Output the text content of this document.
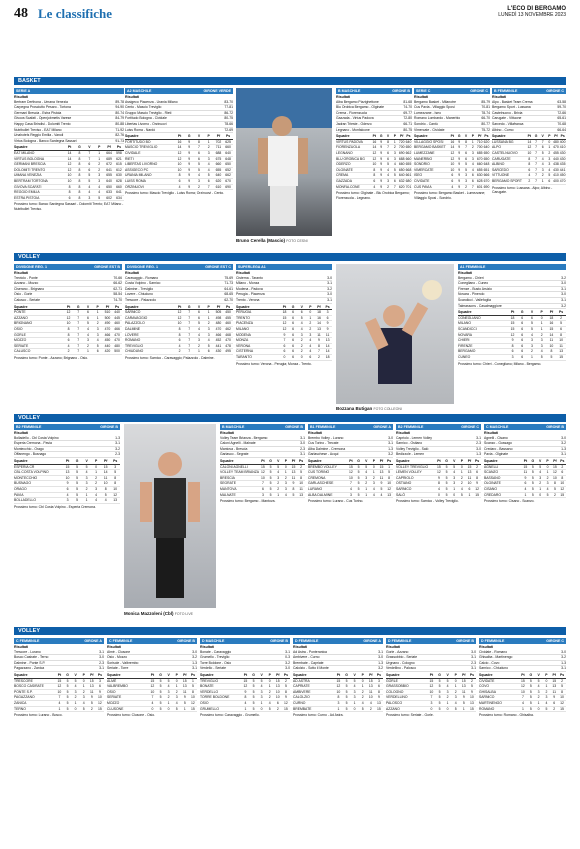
48 Le classifiche	L'ECO DI BERGAMO
LUNEDÌ 13 NOVEMBRE 2023
BASKET
VOLLEY
VOLLEY
VOLLEY
Bruno Cerella (Mascio) FOTO CESNI
Bozzana Butigan FOTO COLLEONI
Monica Mazzoleni (Cbl) FOTO LIVE
SERIE A
Risultati
Bertram Derthona - Umana Venezia	89-78
Carpegna Prosciutto Pesaro - Tortona	94-90
Germani Brescia - Estra Pistoia	80-74
Givova Scafati - Openjobmetis Varese	84-79
Happy Casa Brindisi - Dolomiti Trento	80-88
Nutribullet Treviso - EA7 Milano	71-92
Unahotels Reggio Emilia - Vanoli	82-76
Virtus Bologna - Banco Sardegna Sassari	91-73
Squadre	Pt	G	V	P	Pf	Ps
EA7 MILANO	14	8	7	1	664	598
VIRTUS BOLOGNA	14	8	7	1	689	621
GERMANI BRESCIA	12	8	6	2	672	615
DOLOMITI TRENTO	12	8	6	2	641	612
UMANA VENEZIA	10	8	5	3	655	630
BERTRAM TORTONA	10	8	5	3	640	628
GIVOVA SCAFATI	8	8	4	4	650	660
REGGIO EMILIA	8	8	4	4	633	641
ESTRA PISTOIA	6	8	3	5	602	634
Prossimo turno: Banco Sardegna Sassari - Dolomiti Trento; EA7 Milano - Nutribullet Treviso.
A2 MASCHILE	GIRONE VERDE
Risultati
Assigeco Piacenza - Urania Milano	83-70
Cento - Mascio Treviglio	77-81
Gruppo Mascio Treviglio - Rieti	86-72
Fortitudo Bologna - Cividale	80-75
Libertas Livorno - Orzinuovi	78-66
Luiss Roma - Nardò	72-69
Squadre	Pt	G	V	P	Pf	Ps
FORTITUDO BO	16	9	8	1	702	625
MASCIO TREVIGLIO	14	9	7	2	711	660
CIVIDALE	12	9	6	3	688	640
RIETI	12	9	6	3	675	648
LIBERTAS LIVORNO	10	9	5	4	660	650
ASSIGECO PC	10	9	5	4	655	652
URANIA MILANO	8	9	4	5	640	662
LUISS ROMA	6	9	3	6	620	670
ORZINUOVI	4	9	2	7	610	690
Prossimo turno: Mascio Treviglio - Luiss Roma; Orzinuovi - Cento.
B MASCHILE	GIRONE B
Risultati
Alba Bergamo Pizzighettone	81-68
Blu Orobica Bergamo - Olginate	74-70
Crema - Fiorenzuola	69-77
Gazzada - Virtus Padova	72-80
Jadran Trieste - Oderzo	66-71
Legnano - Monfalcone	80-75
Squadre	Pt	G	V	P	Pf Ps
VIRTUS PADOVA	16	9	8	1 720 640
FIORENZUOLA	14	9	7	2 700 650
LEGNANO	12	9	6	3 690 662
BLU OROBICA BG	12	9	6	3 688 660
ODERZO	10	9	5	4 660 655
OLGINATE	8	9	4	5 650 668
CREMA	8	9	4	5 640 661
GAZZADA	6	9	3	6 632 680
MONFALCONE	4	9	2	7 620 701
Prossimo turno: Olginate - Blu Orobica Bergamo; Fiorenzuola - Legnano.
SERIE C	GIRONE C
Risultati
Bergamo Basket - Milanotre	85-79
Cus Pavia - Villaggio Sposi	70-81
Lumezzane - Iseo	78-74
Romano Lombardo - Manerbio	66-70
Sondrio - Cantù	80-77
Vimercate - Cividate	75-72
Squadre	Pt	G	V	P	Pf Ps
VILLAGGIO SPOSI	16	9	8	1 710 620
BERGAMO BASKET	14	9	7	2 700 640
LUMEZZANE	12	9	6	3 685 650
MANERBIO	12	9	6	3 670 650
SONDRIO	10	9	5	4 660 648
VIMERCATE	10	9	5	4 655 651
ISEO	6	9	3	6 630 666
CIVIDATE	6	9	3	6 628 670
CUS PAVIA	4	9	2	7 601 690
Prossimo turno: Bergamo Basket - Lumezzane; Villaggio Sposi - Sondrio.
B FEMMINILE	GIRONE C
Risultati
Alpo - Basket Team Crema	63-58
Bergamo Sport - Lussana	59-70
Castelnuovo - Brixia	72-66
Carugate - Vittuone	65-61
Sarcedo - Villafranca	70-68
Albino - Como	66-64
Squadre	Pt	G	V	P	Pf Ps
LUSSANA BG	14	7	7	0 480 400
ALPO	12	7	6	1 470 410
CASTELNUOVO	10	7	5	2 455 430
CARUGATE	8	7	4	3 440 430
ALBINO	8	7	4	3 438 435
SARCEDO	6	7	3	4 430 441
VITTUONE	4	7	2	5 410 450
BERGAMO SPORT	2	7	1	6 400 470
Prossimo turno: Lussana - Alpo; Albino - Carugate.
DIVISIONE REG. 1	GIRONE EST B
Risultati
Treviolo - Ponte	70-66
Azzano - Mozzo	66-62
Ciserano - Brignano	62-71
Osio - Gorle	58-54
Calusco - Seriate	74-70
Squadre	Pt	G	V	P	Pf	Ps
PONTE	12	7	6	1	510	440
AZZANO	12	7	6	1	500	445
BRIGNANO	10	7	5	2	490	460
OSIO	8	7	4	3	470	466
GORLE	8	7	4	3	466	470
MOZZO	6	7	3	4	450	470
SERIATE	4	7	2	5	440	480
CALUSCO	2	7	1	6	420	500
Prossimo turno: Ponte - Azzano; Brignano - Osio.
DIVISIONE REG. 1	GIRONE EST C
Risultati
Caravaggio - Romano	75-69
Costa Volpino - Sarnico	71-73
Dalmine - Treviglio	64-61
Lovere - Chiuduno	68-65
Trescore - Palazzolo	62-70
Squadre	Pt	G	V	P	Pf	Ps
SARNICO	12	7	6	1	505	450
CARAVAGGIO	12	7	6	1	498	455
PALAZZOLO	10	7	5	2	480	460
DALMINE	8	7	4	3	470	462
LOVERE	8	7	4	3	466	468
ROMANO	6	7	3	4	452	470
TREVIGLIO	4	7	2	5	441	478
CHIUDUNO	2	7	1	6	430	495
Prossimo turno: Sarnico - Caravaggio; Palazzolo - Dalmine.
SUPERLEGA A1
Risultati
Cisterna - Taranto	3-0
Milano - Monza	3-1
Modena - Padova	3-2
Perugia - Piacenza	3-0
Trento - Verona	3-1
Squadre	Pt	G	V	P	Pf	Ps
PERUGIA	18	6	6	0	18	3
TRENTO	15	6	5	1	16	6
PIACENZA	12	6	4	2	14	9
MILANO	12	6	4	2	13	9
MODENA	9	6	3	3	11	11
MONZA	7	6	2	4	9	13
VERONA	6	6	2	4	8	14
CISTERNA	6	6	2	4	7	14
TARANTO	0	6	0	6	2	18
Prossimo turno: Verona - Perugia; Monza - Trento.
A1 FEMMINILE
Risultati
Bergamo - Chieri	3-2
Conegliano - Cuneo	3-0
Firenze - Busto Arsizio	3-1
Novara - Pinerolo	3-0
Scandicci - Vallefoglia	3-1
Talmassons - Casalmaggiore	3-2
Squadre	Pt	G	V	P	Pf	Ps
CONEGLIANO	18	6	6	0	18	2
MILANO	15	6	5	1	16	5
SCANDICCI	15	6	5	1	15	6
NOVARA	12	6	4	2	14	8
CHIERI	9	6	3	3	11	10
FIRENZE	8	6	3	3	10	11
BERGAMO	6	6	2	4	8	13
CUNEO	3	6	1	5	5	15
Prossimo turno: Chieri - Conegliano; Milano - Bergamo.
B2 FEMMINILE	GIRONE B
Risultati
Bolladello - Cbl Costa Volpino	1-3
Esperia Cremona - Pavia	3-1
Montecchio - Orago	3-2
Offanengo - Busnago	2-3
Squadre	Pt	G	V	P	Pf	Ps
ESPERIA CR	15	5	5	0	15	3
CBL COSTA VOLPINO	13	5	4	1	14	5
MONTECCHIO	10	5	3	2	11	8
BUSNAGO	9	5	3	2	10	8
ORAGO	6	5	2	3	8	10
PAVIA	4	5	1	4	5	12
BOLLADELLO	3	5	1	4	4	13
Prossimo turno: Cbl Costa Volpino - Esperia Cremona.
B MASCHILE	GIRONE B
Risultati
Volley Team Brianza - Bergamo	3-1
Caloni Agnelli - Malnate	3-0
Mantova - Brescia	2-3
Garlasco - Segrate	3-1
Squadre	Pt	G	V	P	Pf	Ps
CALONI AGNELLI	15	5	5	0	15	2
VOLLEY TEAM BRIANZA 12	5	4	1	13	5
BRESCIA	10	5	3	2	11	8
SEGRATE	7	5	2	3	9	10
MANTOVA	6	5	2	3	8	11
MALNATE	3	5	1	4	5	13
Prossimo turno: Bergamo - Mantova.
B1 FEMMINILE	GIRONE A
Risultati
Brembo Volley - Lurano	3-0
Cus Torino - Trecate	3-1
Alba Dalmine - Cremona	1-3
Garlaschese - Acqui	3-2
Squadre	Pt	G	V	P	Pf	Ps
BREMBO VOLLEY	15	5	5	0	15	1
CUS TORINO	12	5	4	1	13	5
CREMONA	10	5	3	2	11	8
GARLASCHESE	7	5	2	3	9	10
LURANO	4	5	1	4	5	12
ALBA DALMINE	3	5	1	4	4	13
Prossimo turno: Lurano - Cus Torino.
B2 FEMMINILE	GIRONE C
Risultati
Capriolo - Lemen Volley	3-1
Sarnico - Ostiano	2-3
Volley Treviglio - Salò	3-0
Bedizzole - Lemen	1-3
Squadre	Pt	G	V	P	Pf	Ps
VOLLEY TREVIGLIO	15	5	5	0	15	2
LEMEN VOLLEY	12	5	4	1	13	6
CAPRIOLO	9	5	3	2	11	8
OSTIANO	8	5	3	2	10	9
SARNICO	4	5	1	4	6	12
SALÒ	0	5	0	5	1	15
Prossimo turno: Sarnico - Volley Treviglio.
C MASCHILE	GIRONE B
Risultati
Agnelli - Cisano	3-0
Scanzo - Gussago	3-2
Credaro - Bassano	1-3
Pavia - Olginate	3-1
Squadre	Pt	G	V	P	Pf	Ps
AGNELLI	15	5	5	0	15	2
SCANZO	11	5	4	1	12	6
BASSANO	9	5	3	2	10	8
OLGINATE	6	5	2	3	8	10
CISANO	4	5	1	4	5	12
CREDARO	1	5	0	5	2	15
Prossimo turno: Cisano - Scanzo.
C FEMMINILE	GIRONE A
Risultati
Trescore - Lurano	3-1
Bosco Casirate - Terno	3-0
Dalmine - Ponte S.P.	2-3
Pagazzano - Zanica	3-1
Squadre	Pt	G	V	P	Pf	Ps
TRESCORE	15	5	5	0	15	3
BOSCO CASIRATE	12	5	4	1	13	6
PONTE S.P.	10	5	3	2	11	9
PAGAZZANO	7	5	2	3	9	10
ZANICA	4	5	1	4	5	12
TERNO	1	5	0	5	2	15
Prossimo turno: Lurano - Bosco.
C FEMMINILE	GIRONE B
Risultati
Almè - Clusone	3-0
Osio - Mozzo	3-2
Sorisole - Valbrembo	1-3
Seriate - Torre	3-1
Squadre	Pt	G	V	P	Pf	Ps
ALMÈ	15	5	5	0	15	1
VALBREMBO	12	5	4	1	13	5
OSIO	10	5	3	2	11	8
SERIATE	7	5	2	3	9	10
MOZZO	4	5	1	4	5	12
CLUSONE	0	5	0	5	1	15
Prossimo turno: Clusone - Osio.
D MASCHILE	GIRONE B
Risultati
Bonate - Caravaggio	3-1
Grumello - Treviglio	0-3
Torre Boldone - Osio	3-2
Verdello - Seriate	3-0
Squadre	Pt	G	V	P	Pf	Ps
TREVIGLIO	15	5	5	0	15	2
BONATE	12	5	4	1	13	5
VERDELLO	9	5	3	2	10	8
TORRE BOLDONE	8	5	3	2	10	9
OSIO	4	5	1	4	6	12
GRUMELLO	1	5	0	5	2	15
Prossimo turno: Caravaggio - Grumello.
D FEMMINILE	GIRONE A
Risultati
Ad Astra - Ponteranica	3-1
Ambivere - Curno	3-0
Brembate - Capriate	1-3
Calolzio - Sotto il Monte	3-2
Squadre	Pt	G	V	P	Pf	Ps
AD ASTRA	15	5	5	0	15	3
CAPRIATE	12	5	4	1	13	6
AMBIVERE	10	5	3	2	11	8
CALOLZIO	8	5	3	2	10	9
CURNO	3	5	1	4	4	13
BREMBATE	1	5	0	5	2	15
Prossimo turno: Curno - Ad Astra.
D FEMMINILE	GIRONE B
Risultati
Gorle - Azzano	3-0
Grassobbio - Seriate	3-1
Urgnano - Cologno	2-3
Verdellino - Palosco	3-1
Squadre	Pt	G	V	P	Pf	Ps
GORLE	15	5	5	0	15	2
GRASSOBBIO	12	5	4	1	13	5
COLOGNO	10	5	3	2	11	9
VERDELLINO	7	5	2	3	9	10
PALOSCO	3	5	1	4	5	13
AZZANO	0	5	0	5	1	15
Prossimo turno: Seriate - Gorle.
D FEMMINILE	GIRONE C
Risultati
Cividate - Romano	3-0
Ghisalba - Martinengo	3-2
Calcio - Covo	1-3
Sarnico - Chiuduno	3-1
Squadre	Pt	G	V	P	Pf	Ps
CIVIDATE	15	5	5	0	15	2
COVO	12	5	4	1	13	5
GHISALBA	10	5	3	2	11	8
SARNICO	7	5	2	3	9	10
MARTINENGO	4	5	1	4	6	12
ROMANO	1	5	0	5	2	15
Prossimo turno: Romano - Ghisalba.
